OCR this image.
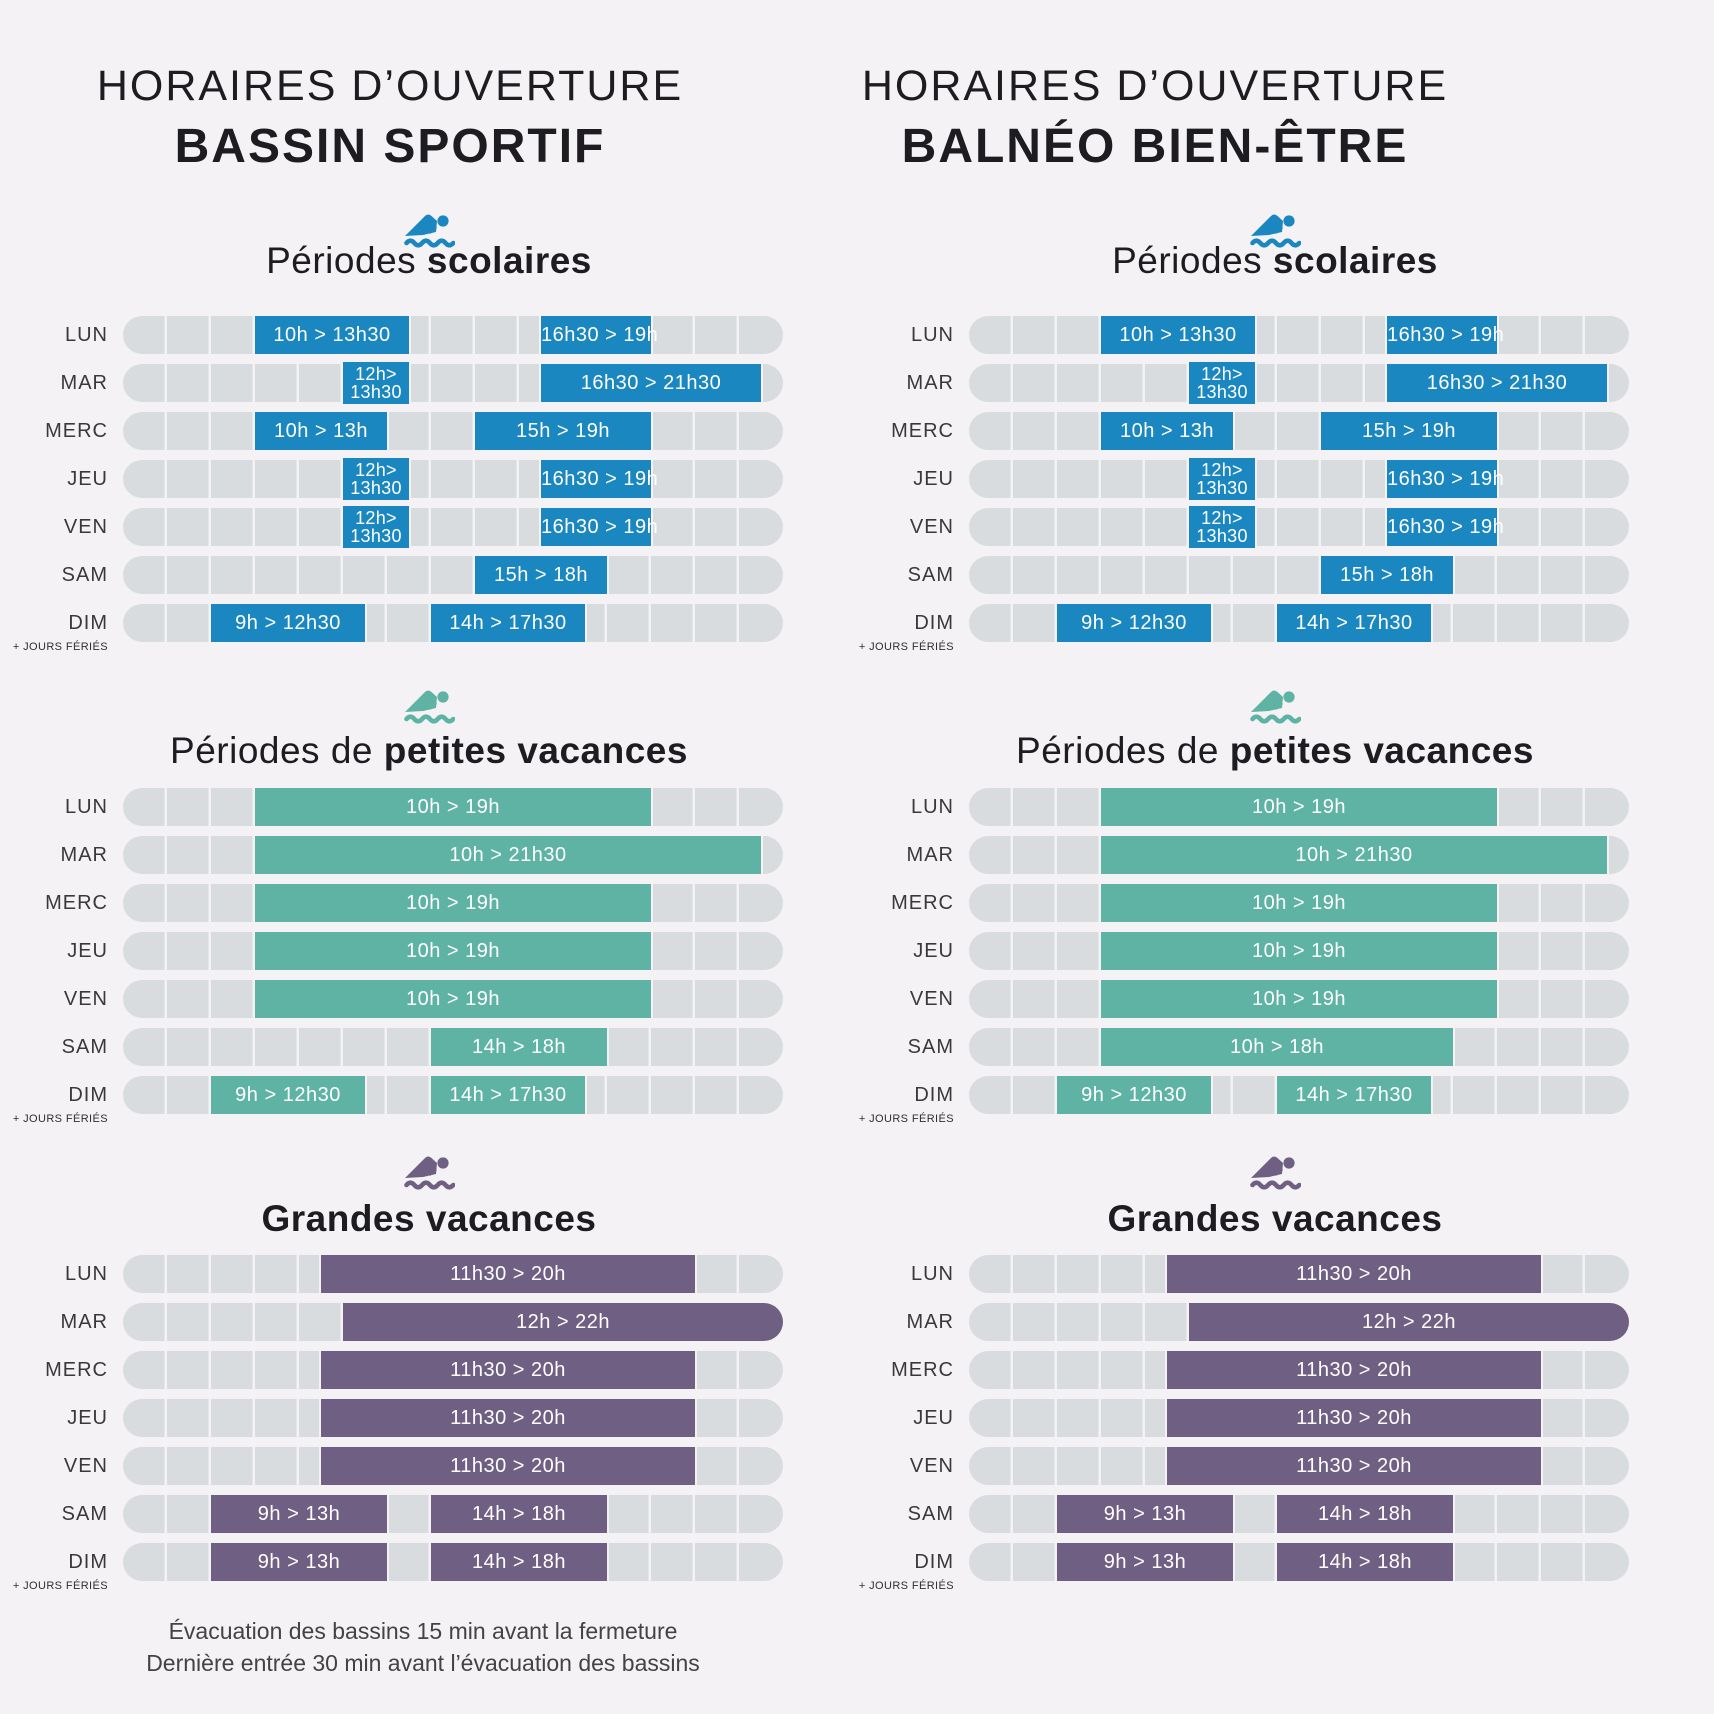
HORAIRES D’OUVERTURE
BASSIN SPORTIF
HORAIRES D’OUVERTURE
BALNÉO BIEN-ÊTRE
Périodes scolaires
LUN	10h > 13h30	16h30 > 19h
MAR	12h>
13h30	16h30 > 21h30
MERC	10h > 13h	15h > 19h
JEU	12h>
13h30	16h30 > 19h
VEN	12h>
13h30	16h30 > 19h
SAM	15h > 18h
DIM
+ JOURS FÉRIÉS
9h > 12h30	14h > 17h30
Périodes de petites vacances
LUN	10h > 19h
MAR	10h > 21h30
MERC	10h > 19h
JEU	10h > 19h
VEN	10h > 19h
SAM	14h > 18h
DIM
+ JOURS FÉRIÉS
9h > 12h30	14h > 17h30
Grandes vacances
LUN	11h30 > 20h
MAR	12h > 22h
MERC	11h30 > 20h
JEU	11h30 > 20h
VEN	11h30 > 20h
SAM	9h > 13h	14h > 18h
DIM
+ JOURS FÉRIÉS
9h > 13h	14h > 18h
Périodes scolaires
LUN	10h > 13h30	16h30 > 19h
MAR	12h>
13h30	16h30 > 21h30
MERC	10h > 13h	15h > 19h
JEU	12h>
13h30	16h30 > 19h
VEN	12h>
13h30	16h30 > 19h
SAM	15h > 18h
DIM
+ JOURS FÉRIÉS
9h > 12h30	14h > 17h30
Périodes de petites vacances
LUN	10h > 19h
MAR	10h > 21h30
MERC	10h > 19h
JEU	10h > 19h
VEN	10h > 19h
SAM	10h > 18h
DIM
+ JOURS FÉRIÉS
9h > 12h30	14h > 17h30
Grandes vacances
LUN	11h30 > 20h
MAR	12h > 22h
MERC	11h30 > 20h
JEU	11h30 > 20h
VEN	11h30 > 20h
SAM	9h > 13h	14h > 18h
DIM
+ JOURS FÉRIÉS
9h > 13h	14h > 18h
Évacuation des bassins 15 min avant la fermeture
Dernière entrée 30 min avant l’évacuation des bassins
